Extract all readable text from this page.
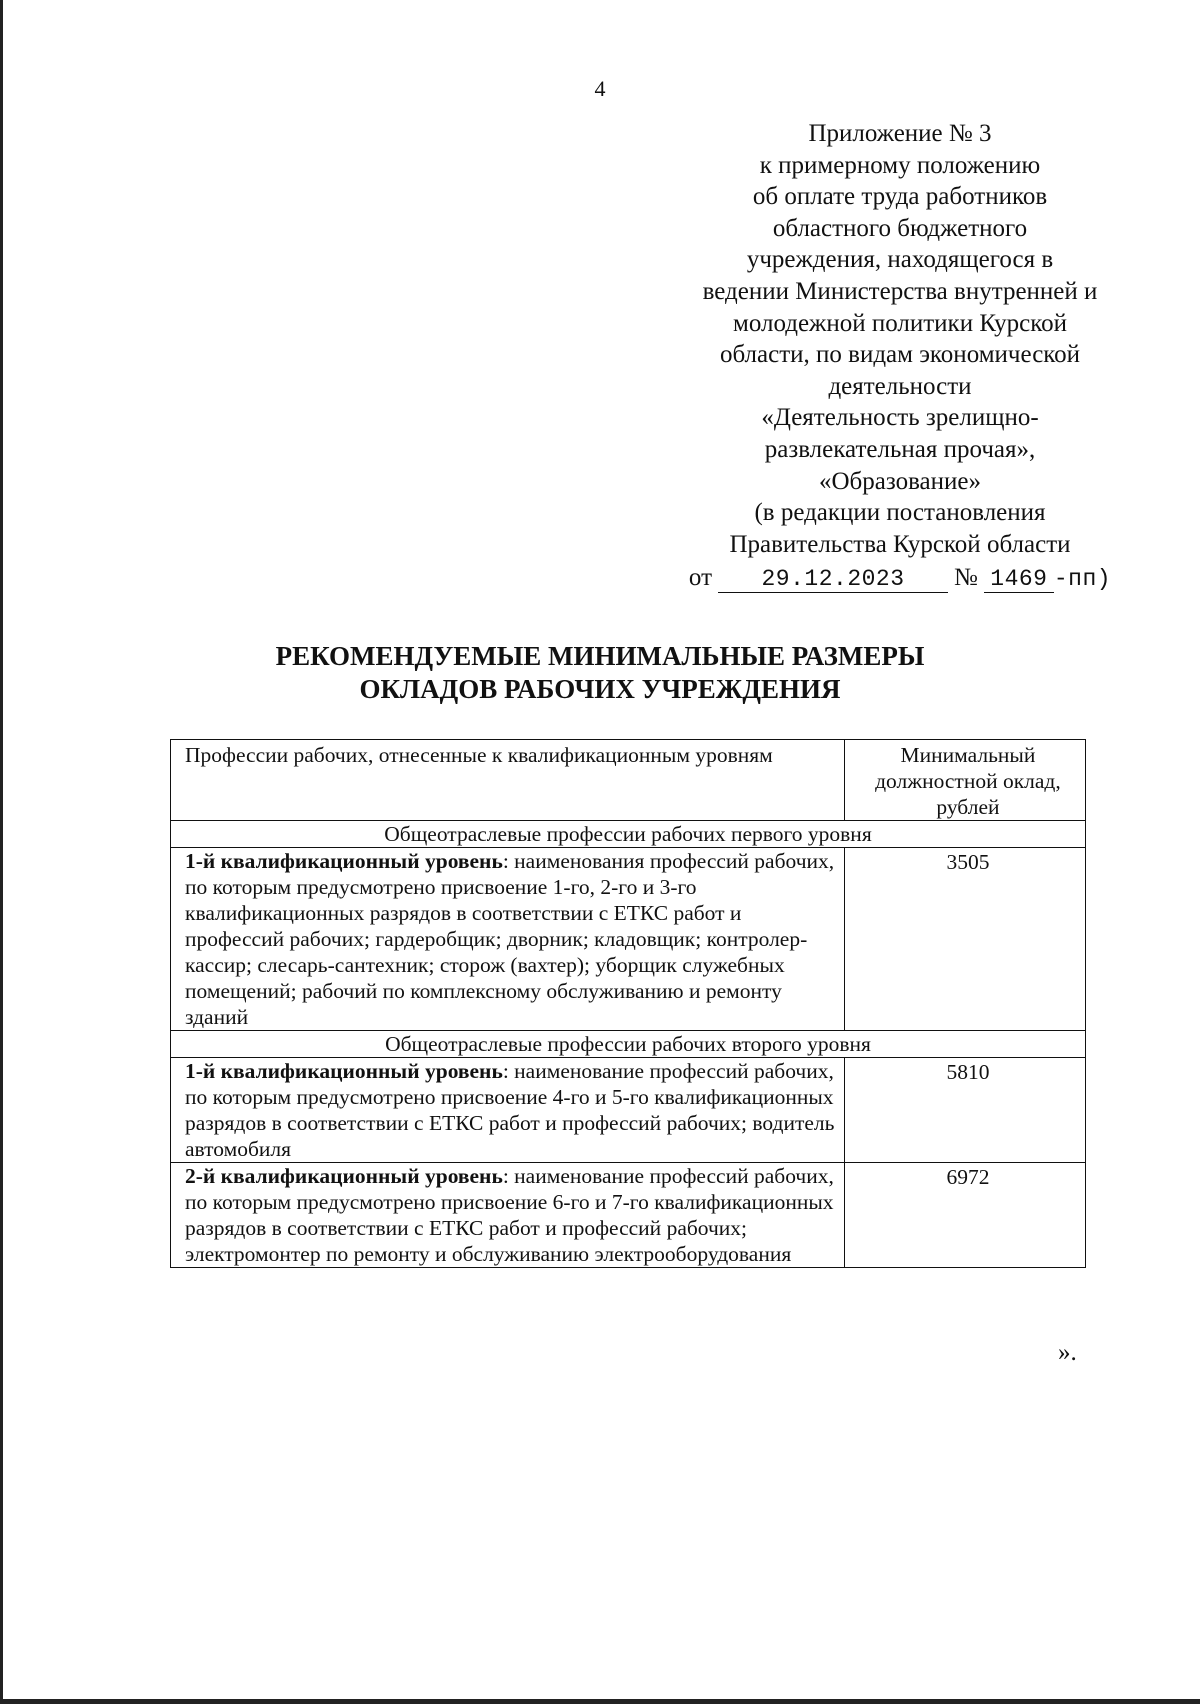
4
Приложение № 3
к примерному положению
об оплате труда работников
областного бюджетного
учреждения, находящегося в
ведении Министерства внутренней и
молодежной политики Курской
области, по видам экономической
деятельности
«Деятельность зрелищно-
развлекательная прочая»,
«Образование»
(в редакции постановления
Правительства Курской области
от 29.12.2023 № 1469 -пп)
РЕКОМЕНДУЕМЫЕ МИНИМАЛЬНЫЕ РАЗМЕРЫ
ОКЛАДОВ РАБОЧИХ УЧРЕЖДЕНИЯ
Профессии рабочих, отнесенные к квалификационным уровням	Минимальный должностной оклад, рублей
Общеотраслевые профессии рабочих первого уровня	
1-й квалификационный уровень: наименования профессий рабочих, по которым предусмотрено присвоение 1-го, 2-го и 3-го квалификационных разрядов в соответствии с ЕТКС работ и профессий рабочих; гардеробщик; дворник; кладовщик; контролер-кассир; слесарь-сантехник; сторож (вахтер); уборщик служебных помещений; рабочий по комплексному обслуживанию и ремонту зданий	3505
Общеотраслевые профессии рабочих второго уровня	
1-й квалификационный уровень: наименование профессий рабочих, по которым предусмотрено присвоение 4-го и 5-го квалификационных разрядов в соответствии с ЕТКС работ и профессий рабочих; водитель автомобиля	5810
2-й квалификационный уровень: наименование профессий рабочих, по которым предусмотрено присвоение 6-го и 7-го квалификационных разрядов в соответствии с ЕТКС работ и профессий рабочих; электромонтер по ремонту и обслуживанию электрооборудования	6972
».
